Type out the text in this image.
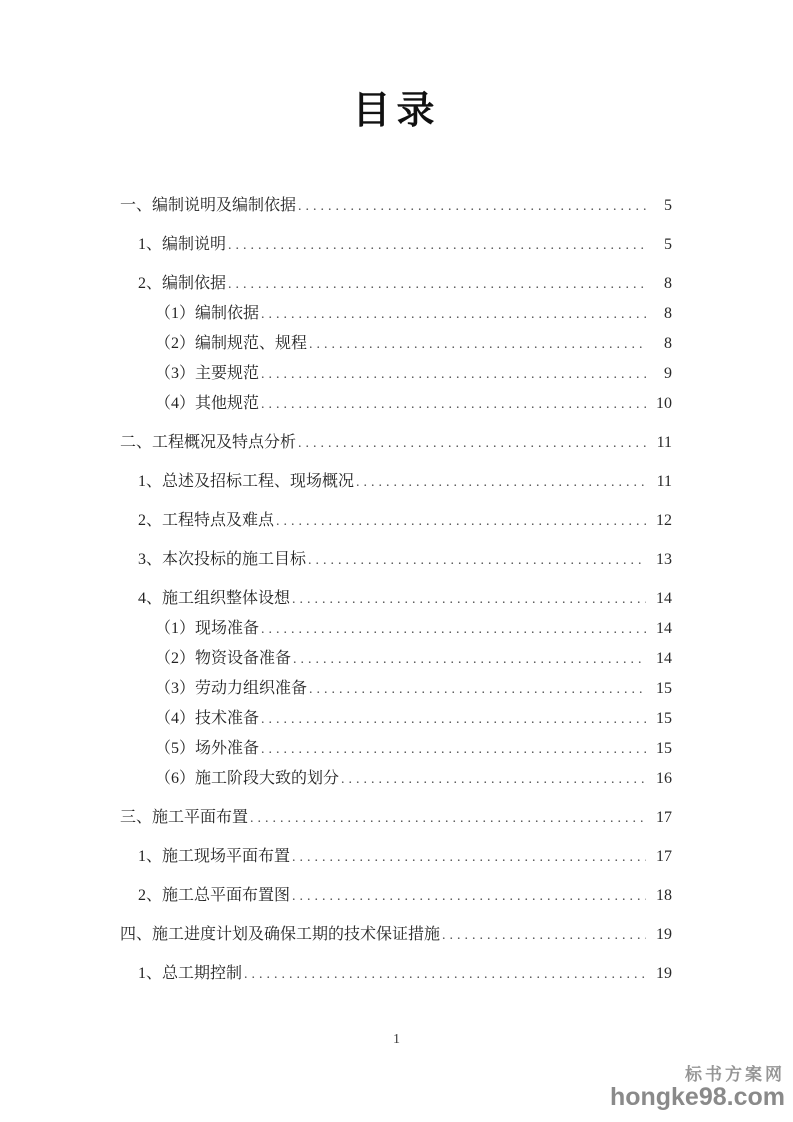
目录
一、编制说明及编制依据 .....	5
1、编制说明 .....	5
2、编制依据 .....	8
（1）编制依据 .....	8
（2）编制规范、规程 .....	8
（3）主要规范 .....	9
（4）其他规范 .....	10
二、工程概况及特点分析 .....	11
1、总述及招标工程、现场概况 .....	11
2、工程特点及难点 .....	12
3、本次投标的施工目标 .....	13
4、施工组织整体设想 .....	14
（1）现场准备 .....	14
（2）物资设备准备 .....	14
（3）劳动力组织准备 .....	15
（4）技术准备 .....	15
（5）场外准备 .....	15
（6）施工阶段大致的划分 .....	16
三、施工平面布置 .....	17
1、施工现场平面布置 .....	17
2、施工总平面布置图 .....	18
四、施工进度计划及确保工期的技术保证措施 .....	19
1、总工期控制 .....	19
1
标书方案网
hongke98.com
